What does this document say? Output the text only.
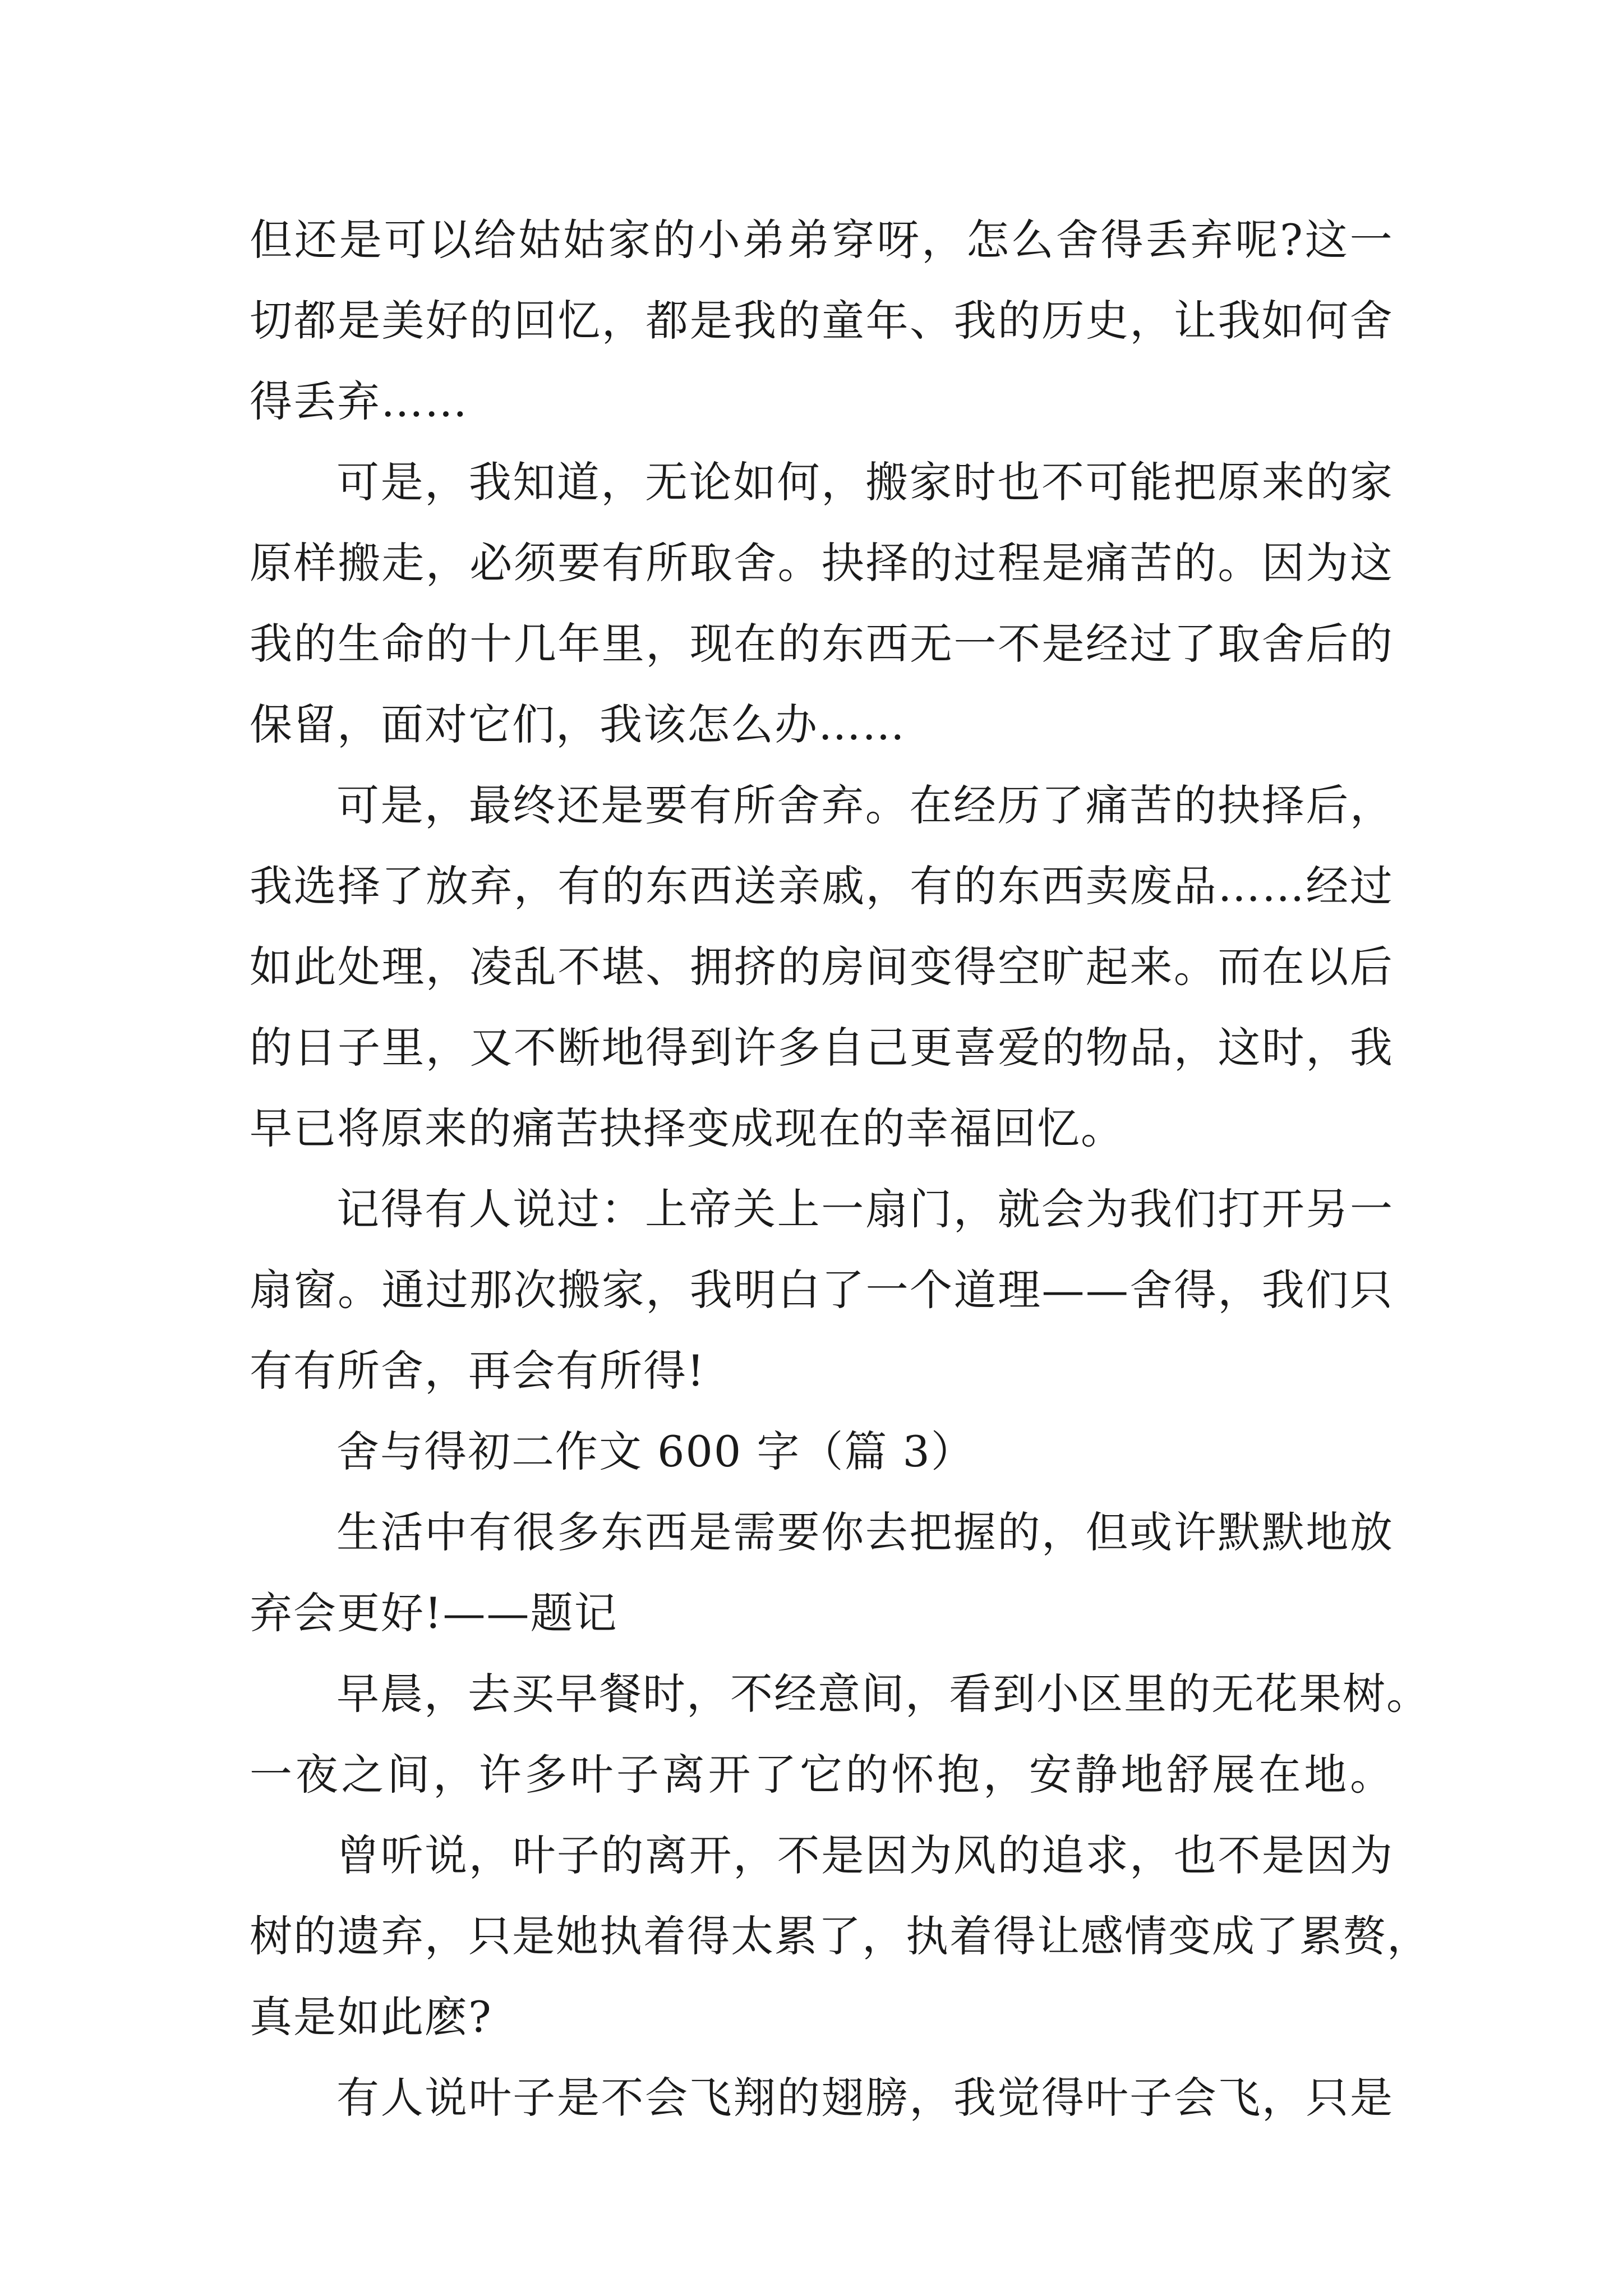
但 还 是 可 以 给 姑 姑 家 的 小 弟 弟 穿 呀 ， 怎 么 舍 得 丢 弃 呢 ? 这 一
切 都 是 美 好 的 回 忆 ， 都 是 我 的 童 年 、 我 的 历 史 ， 让 我 如 何 舍
得丢弃……
可 是 ， 我 知 道 ， 无 论 如 何 ， 搬 家 时 也 不 可 能 把 原 来 的 家
原 样 搬 走 ， 必 须 要 有 所 取 舍 。 抉 择 的 过 程 是 痛 苦 的 。 因 为 这
我 的 生 命 的 十 几 年 里 ， 现 在 的 东 西 无 一 不 是 经 过 了 取 舍 后 的
保留，面对它们，我该怎么办……
可 是 ， 最 终 还 是 要 有 所 舍 弃 。 在 经 历 了 痛 苦 的 抉 择 后 ，
我 选 择 了 放 弃 ， 有 的 东 西 送 亲 戚 ， 有 的 东 西 卖 废 品 … … 经 过
如 此 处 理 ， 凌 乱 不 堪 、 拥 挤 的 房 间 变 得 空 旷 起 来 。 而 在 以 后
的 日 子 里 ， 又 不 断 地 得 到 许 多 自 己 更 喜 爱 的 物 品 ， 这 时 ， 我
早已将原来的痛苦抉择变成现在的幸福回忆。
记 得 有 人 说 过 ： 上 帝 关 上 一 扇 门 ， 就 会 为 我 们 打 开 另 一
扇 窗 。 通 过 那 次 搬 家 ， 我 明 白 了 一 个 道 理 — — 舍 得 ， 我 们 只
有有所舍，再会有所得!
舍与得初二作文 600 字（篇 3）
生 活 中 有 很 多 东 西 是 需 要 你 去 把 握 的 ， 但 或 许 默 默 地 放
弃会更好!——题记
早 晨 ， 去 买 早 餐 时 ， 不 经 意 间 ， 看 到 小 区 里 的 无 花 果 树 。
一 夜 之 间 ， 许 多 叶 子 离 开 了 它 的 怀 抱 ， 安 静 地 舒 展 在 地 。
曾 听 说 ， 叶 子 的 离 开 ， 不 是 因 为 风 的 追 求 ， 也 不 是 因 为
树 的 遗 弃 ， 只 是 她 执 着 得 太 累 了 ， 执 着 得 让 感 情 变 成 了 累 赘 ，
真是如此麽?
有 人 说 叶 子 是 不 会 飞 翔 的 翅 膀 ， 我 觉 得 叶 子 会 飞 ， 只 是
